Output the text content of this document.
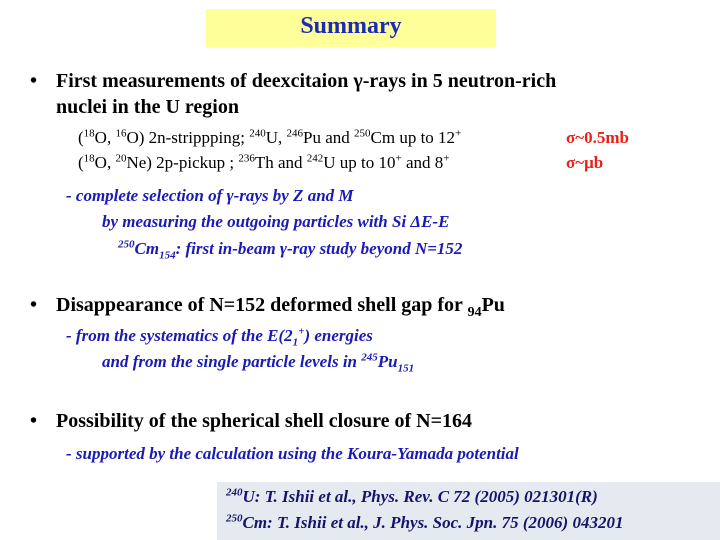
Summary
• First measurements of deexcitaion γ-rays in 5 neutron-rich
nuclei in the U region
($^{18}$O, $^{16}$O) 2n-strippping; $^{240}$U, $^{246}$Pu and $^{250}$Cm up to 12+	σ~0.5mb
($^{18}$O, $^{20}$Ne) 2p-pickup ; $^{236}$Th and $^{242}$U up to 10+ and 8+	σ~μb
- complete selection of γ-rays by Z and M
by measuring the outgoing particles with Si ΔE-E
$^{250}Cm_{154}$: first in-beam γ-ray study beyond N=152
• Disappearance of N=152 deformed shell gap for $_{94}$Pu
- from the systematics of the $E(2_1^+)$ energies
and from the single particle levels in $^{245}Pu_{151}$
• Possibility of the spherical shell closure of N=164
- supported by the calculation using the Koura-Yamada potential
$^{240}$U: T. Ishii et al., Phys. Rev. C 72 (2005) 021301(R)
$^{250}$Cm: T. Ishii et al., J. Phys. Soc. Jpn. 75 (2006) 043201
